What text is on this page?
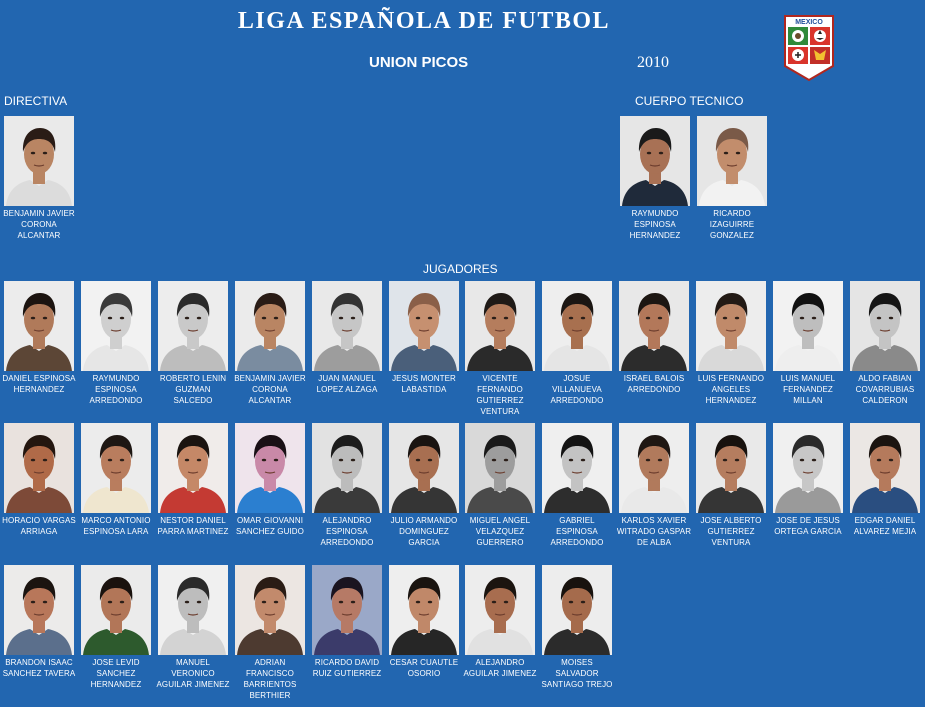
LIGA ESPAÑOLA DE FUTBOL
UNION PICOS	2010
MEXICO
DIRECTIVA	CUERPO TECNICO
JUGADORES
BENJAMIN JAVIER CORONA ALCANTAR
RAYMUNDO ESPINOSA HERNANDEZ
RICARDO IZAGUIRRE GONZALEZ
DANIEL ESPINOSA HERNANDEZ
RAYMUNDO ESPINOSA ARREDONDO
ROBERTO LENIN GUZMAN SALCEDO
BENJAMIN JAVIER CORONA ALCANTAR
JUAN MANUEL LOPEZ ALZAGA
JESUS MONTER LABASTIDA
VICENTE FERNANDO GUTIERREZ VENTURA
JOSUE VILLANUEVA ARREDONDO
ISRAEL BALOIS ARREDONDO
LUIS FERNANDO ANGELES HERNANDEZ
LUIS MANUEL FERNANDEZ MILLAN
ALDO FABIAN COVARRUBIAS CALDERON
HORACIO VARGAS ARRIAGA
MARCO ANTONIO ESPINOSA LARA
NESTOR DANIEL PARRA MARTINEZ
OMAR GIOVANNI SANCHEZ GUIDO
ALEJANDRO ESPINOSA ARREDONDO
JULIO ARMANDO DOMINGUEZ GARCIA
MIGUEL ANGEL VELAZQUEZ GUERRERO
GABRIEL ESPINOSA ARREDONDO
KARLOS XAVIER WITRADO GASPAR DE ALBA
JOSE ALBERTO GUTIERREZ VENTURA
JOSE DE JESUS ORTEGA GARCIA
EDGAR DANIEL ALVAREZ MEJIA
BRANDON ISAAC SANCHEZ TAVERA
JOSE LEVID SANCHEZ HERNANDEZ
MANUEL VERONICO AGUILAR JIMENEZ
ADRIAN FRANCISCO BARRIENTOS BERTHIER
RICARDO DAVID RUIZ GUTIERREZ
CESAR CUAUTLE OSORIO
ALEJANDRO AGUILAR JIMENEZ
MOISES SALVADOR SANTIAGO TREJO
